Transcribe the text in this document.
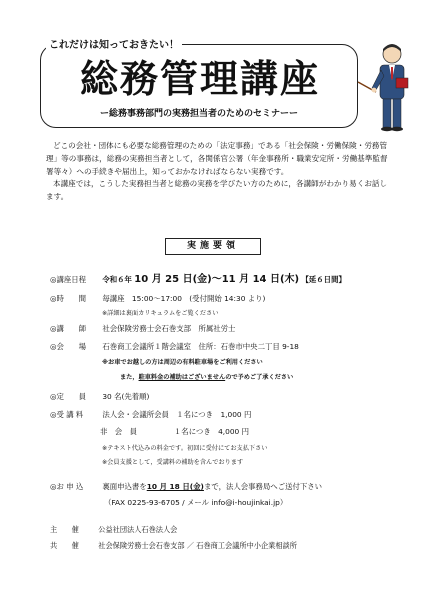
これだけは知っておきたい！
総務管理講座
ー総務事務部門の実務担当者のためのセミナーー

どこの会社・団体にも必要な総務管理のための「法定事務」である「社会保険・労働保険・労務管理」等の事務は，総務の実務担当者として，各関係官公署（年金事務所・職業安定所・労働基準監督署等々）への手続きや届出上，知っておかなければならない実務です。

本講座では，こうした実務担当者と総務の実務を学びたい方のために，各講師がわかり易くお話します。

実施要領
◎講座日程 令和６年 10 月 25 日(金)～11 月 14 日(木) 【延６日間】
◎時　　間 毎講座　15:00～17:00　(受付開始 14:30 より)
※詳細は裏面カリキュラムをご覧ください
◎講　　師 社会保険労務士会石巻支部　所属社労士
◎会　　場 石巻商工会議所１階会議室　住所：石巻市中央二丁目 9-18
※お車でお越しの方は周辺の有料駐車場をご利用ください
また，駐車料金の補助はございませんので予めご了承ください
◎定　　員 30 名(先着順)
◎受 講 料	法人会・会議所会員　１名につき　1,000 円
非　会　員　　　　　１名につき　4,000 円
※テキスト代込みの料金です。初回に受付にてお支払下さい
※会員支援として，受講料の補助を含んでおります
◎お 申 込	裏面申込書を10 月 18 日(金)まで，法人会事務局へご送付下さい
（FAX 0225-93-6705 / メール info@i-houjinkai.jp）
主　　催	公益社団法人石巻法人会
共　　催	社会保険労務士会石巻支部 ／ 石巻商工会議所中小企業相談所
